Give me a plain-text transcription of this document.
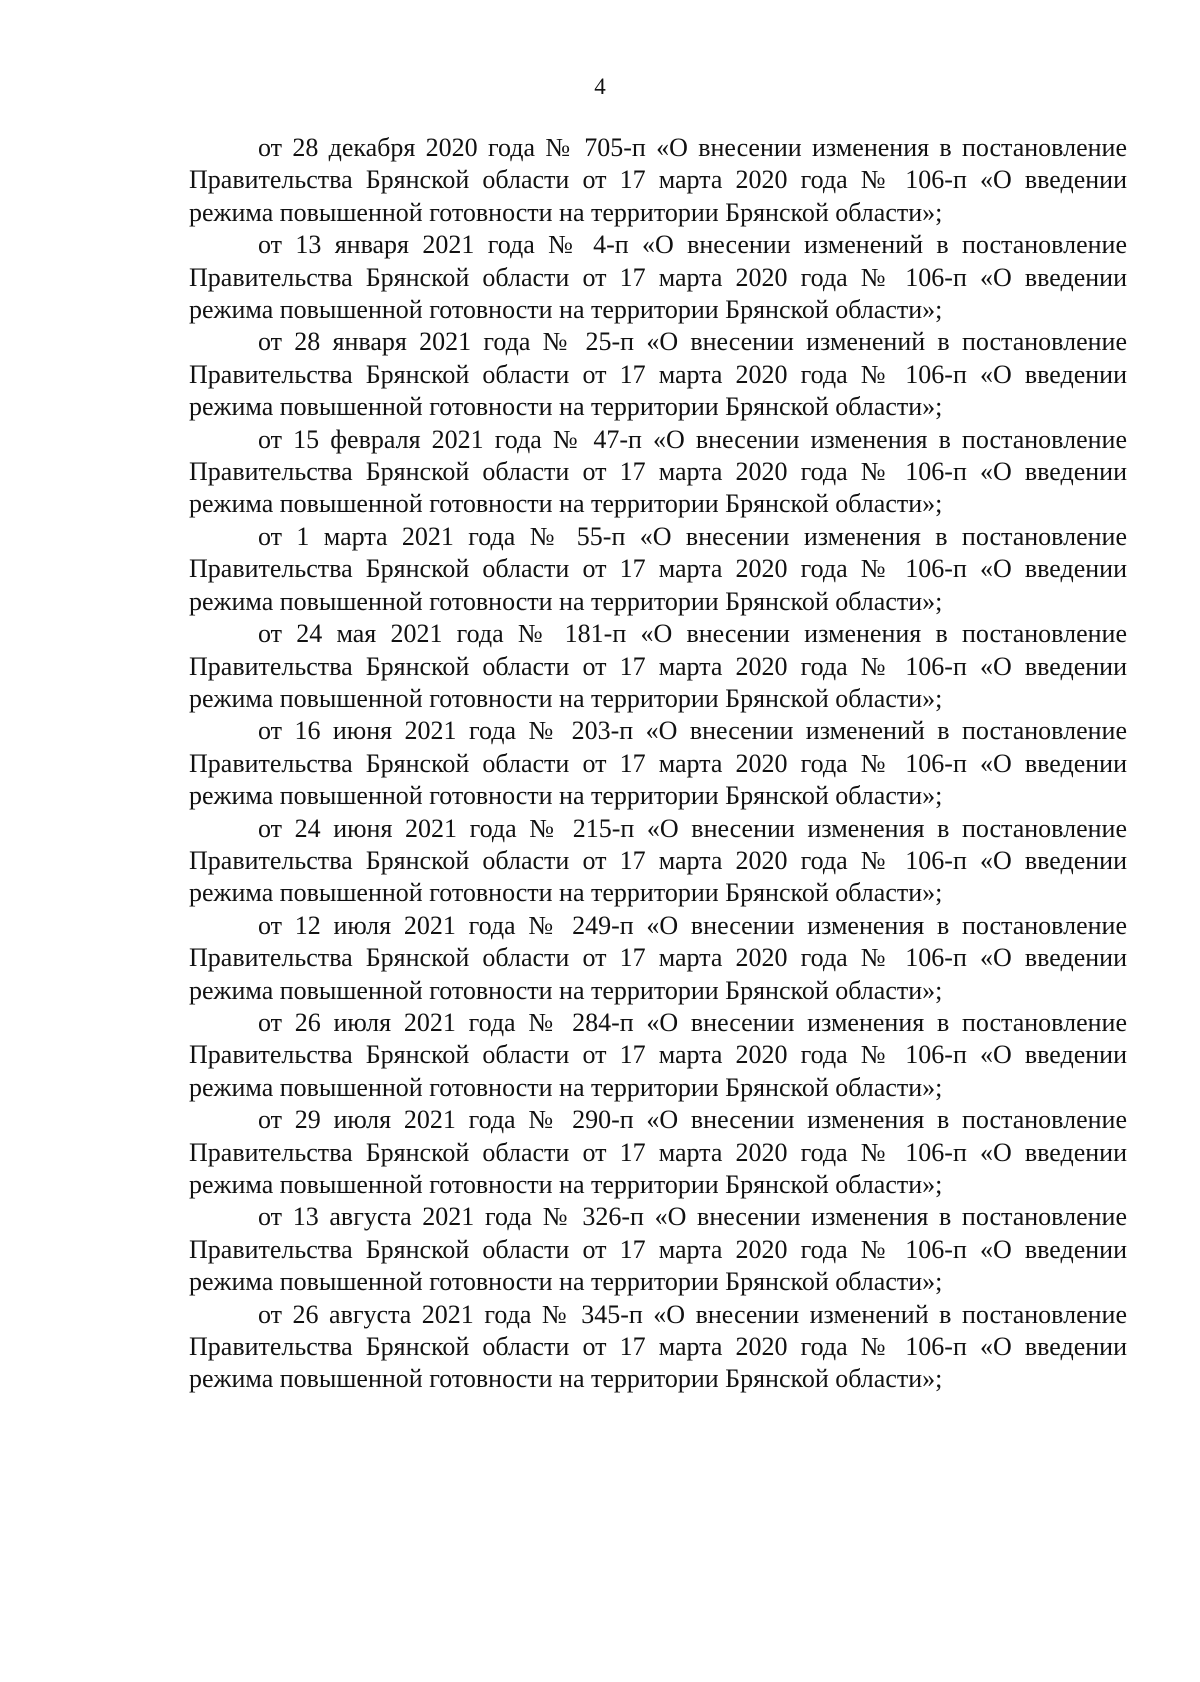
4

от 28 декабря 2020 года № 705-п «О внесении изменения в постановление Правительства Брянской области от 17 марта 2020 года № 106-п «О введении режима повышенной готовности на территории Брянской области»;

от 13 января 2021 года № 4-п «О внесении изменений в постановление Правительства Брянской области от 17 марта 2020 года № 106-п «О введении режима повышенной готовности на территории Брянской области»;

от 28 января 2021 года № 25-п «О внесении изменений в постановление Правительства Брянской области от 17 марта 2020 года № 106-п «О введении режима повышенной готовности на территории Брянской области»;

от 15 февраля 2021 года № 47-п «О внесении изменения в постановление Правительства Брянской области от 17 марта 2020 года № 106-п «О введении режима повышенной готовности на территории Брянской области»;

от 1 марта 2021 года № 55-п «О внесении изменения в постановление Правительства Брянской области от 17 марта 2020 года № 106-п «О введении режима повышенной готовности на территории Брянской области»;

от 24 мая 2021 года № 181-п «О внесении изменения в постановление Правительства Брянской области от 17 марта 2020 года № 106-п «О введении режима повышенной готовности на территории Брянской области»;

от 16 июня 2021 года № 203-п «О внесении изменений в постановление Правительства Брянской области от 17 марта 2020 года № 106-п «О введении режима повышенной готовности на территории Брянской области»;

от 24 июня 2021 года № 215-п «О внесении изменения в постановление Правительства Брянской области от 17 марта 2020 года № 106-п «О введении режима повышенной готовности на территории Брянской области»;

от 12 июля 2021 года № 249-п «О внесении изменения в постановление Правительства Брянской области от 17 марта 2020 года № 106-п «О введении режима повышенной готовности на территории Брянской области»;

от 26 июля 2021 года № 284-п «О внесении изменения в постановление Правительства Брянской области от 17 марта 2020 года № 106-п «О введении режима повышенной готовности на территории Брянской области»;

от 29 июля 2021 года № 290-п «О внесении изменения в постановление Правительства Брянской области от 17 марта 2020 года № 106-п «О введении режима повышенной готовности на территории Брянской области»;

от 13 августа 2021 года № 326-п «О внесении изменения в постановление Правительства Брянской области от 17 марта 2020 года № 106-п «О введении режима повышенной готовности на территории Брянской области»;

от 26 августа 2021 года № 345-п «О внесении изменений в постановление Правительства Брянской области от 17 марта 2020 года № 106-п «О введении режима повышенной готовности на территории Брянской области»;
